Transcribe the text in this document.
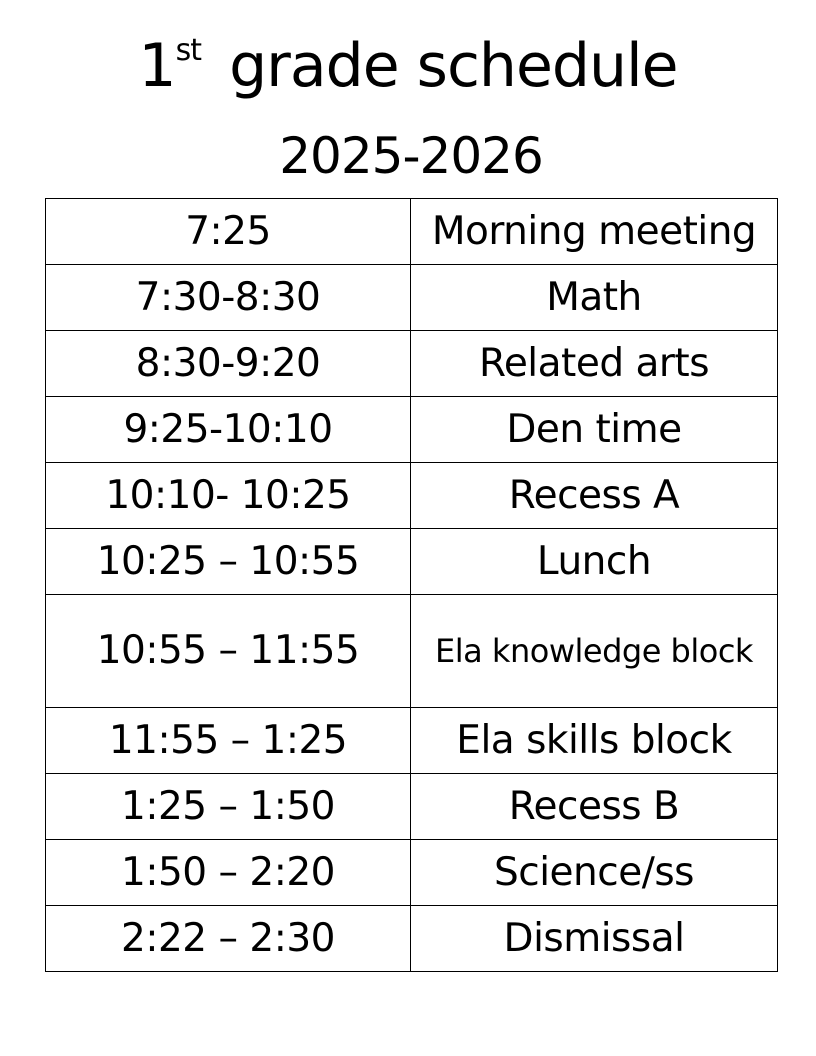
1st grade schedule
2025-2026
7:25	Morning meeting
7:30-8:30	Math
8:30-9:20	Related arts
9:25-10:10	Den time
10:10- 10:25	Recess A
10:25 – 10:55	Lunch
10:55 – 11:55	Ela knowledge block
11:55 – 1:25	Ela skills block
1:25 – 1:50	Recess B
1:50 – 2:20	Science/ss
2:22 – 2:30	Dismissal
